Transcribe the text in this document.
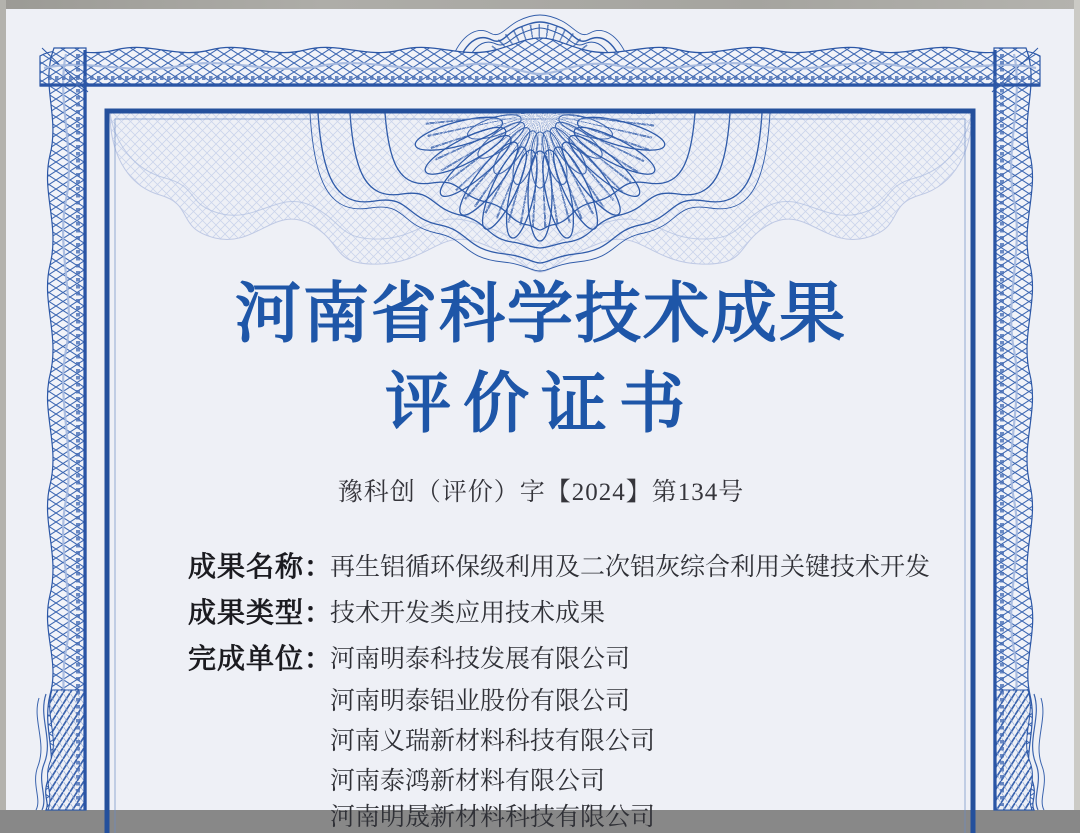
河南省科学技术成果
评价证书
豫科创（评价）字【2024】第134号
成果名称：
再生铝循环保级利用及二次铝灰综合利用关键技术开发
成果类型：
技术开发类应用技术成果
完成单位：
河南明泰科技发展有限公司
河南明泰铝业股份有限公司
河南义瑞新材料科技有限公司
河南泰鸿新材料有限公司
河南明晟新材料科技有限公司
